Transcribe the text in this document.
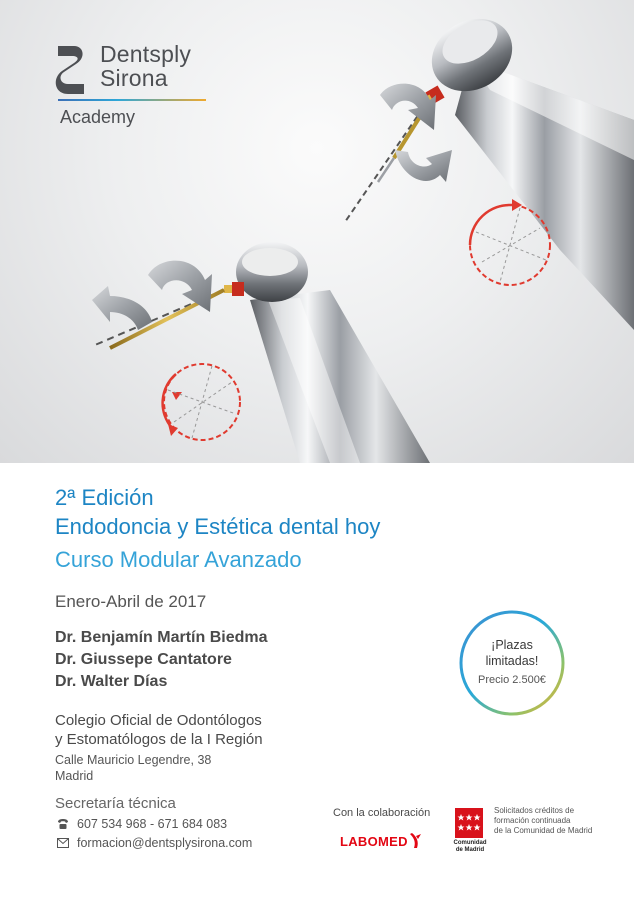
Dentsply
Sirona
Academy
2ª Edición
Endodoncia y Estética dental hoy
Curso Modular Avanzado
Enero-Abril de 2017
Dr. Benjamín Martín Biedma
Dr. Giussepe Cantatore
Dr. Walter Días
Colegio Oficial de Odontólogos
y Estomatólogos de la I Región
Calle Mauricio Legendre, 38
Madrid
Secretaría técnica
607 534 968 - 671 684 083
formacion@dentsplysirona.com
¡Plazas
limitadas!
Precio 2.500€
Con la colaboración
LABOMED	Comunidad
de Madrid
Solicitados créditos de
formación continuada
de la Comunidad de Madrid
